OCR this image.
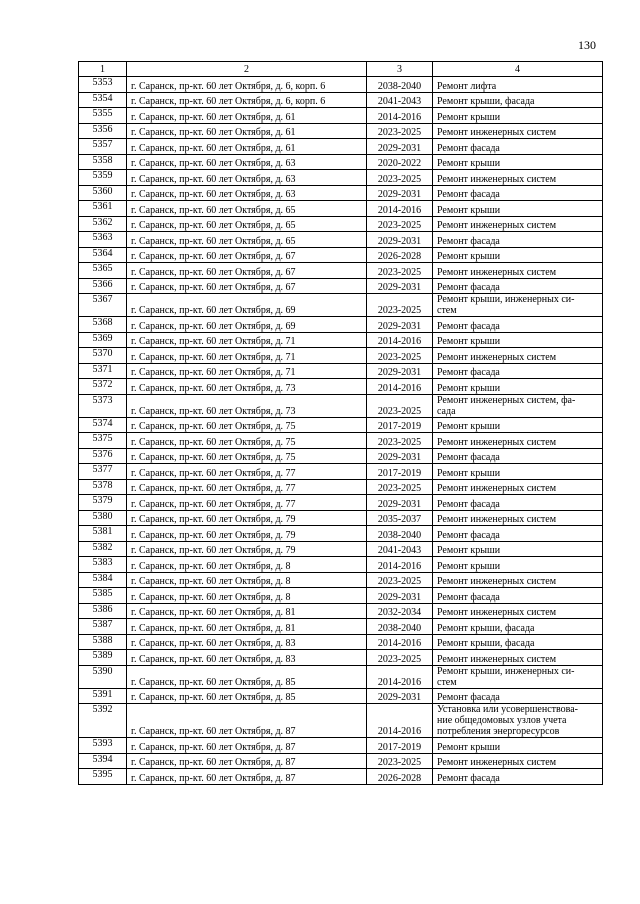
130
1	2	3	4
5353	г. Саранск, пр-кт. 60 лет Октября, д. 6, корп. 6	2038-2040	Ремонт лифта
5354	г. Саранск, пр-кт. 60 лет Октября, д. 6, корп. 6	2041-2043	Ремонт крыши, фасада
5355	г. Саранск, пр-кт. 60 лет Октября, д. 61	2014-2016	Ремонт крыши
5356	г. Саранск, пр-кт. 60 лет Октября, д. 61	2023-2025	Ремонт инженерных систем
5357	г. Саранск, пр-кт. 60 лет Октября, д. 61	2029-2031	Ремонт фасада
5358	г. Саранск, пр-кт. 60 лет Октября, д. 63	2020-2022	Ремонт крыши
5359	г. Саранск, пр-кт. 60 лет Октября, д. 63	2023-2025	Ремонт инженерных систем
5360	г. Саранск, пр-кт. 60 лет Октября, д. 63	2029-2031	Ремонт фасада
5361	г. Саранск, пр-кт. 60 лет Октября, д. 65	2014-2016	Ремонт крыши
5362	г. Саранск, пр-кт. 60 лет Октября, д. 65	2023-2025	Ремонт инженерных систем
5363	г. Саранск, пр-кт. 60 лет Октября, д. 65	2029-2031	Ремонт фасада
5364	г. Саранск, пр-кт. 60 лет Октября, д. 67	2026-2028	Ремонт крыши
5365	г. Саранск, пр-кт. 60 лет Октября, д. 67	2023-2025	Ремонт инженерных систем
5366	г. Саранск, пр-кт. 60 лет Октября, д. 67	2029-2031	Ремонт фасада
5367	г. Саранск, пр-кт. 60 лет Октября, д. 69	2023-2025	Ремонт крыши, инженерных си-
стем
5368	г. Саранск, пр-кт. 60 лет Октября, д. 69	2029-2031	Ремонт фасада
5369	г. Саранск, пр-кт. 60 лет Октября, д. 71	2014-2016	Ремонт крыши
5370	г. Саранск, пр-кт. 60 лет Октября, д. 71	2023-2025	Ремонт инженерных систем
5371	г. Саранск, пр-кт. 60 лет Октября, д. 71	2029-2031	Ремонт фасада
5372	г. Саранск, пр-кт. 60 лет Октября, д. 73	2014-2016	Ремонт крыши
5373	г. Саранск, пр-кт. 60 лет Октября, д. 73	2023-2025	Ремонт инженерных систем, фа-
сада
5374	г. Саранск, пр-кт. 60 лет Октября, д. 75	2017-2019	Ремонт крыши
5375	г. Саранск, пр-кт. 60 лет Октября, д. 75	2023-2025	Ремонт инженерных систем
5376	г. Саранск, пр-кт. 60 лет Октября, д. 75	2029-2031	Ремонт фасада
5377	г. Саранск, пр-кт. 60 лет Октября, д. 77	2017-2019	Ремонт крыши
5378	г. Саранск, пр-кт. 60 лет Октября, д. 77	2023-2025	Ремонт инженерных систем
5379	г. Саранск, пр-кт. 60 лет Октября, д. 77	2029-2031	Ремонт фасада
5380	г. Саранск, пр-кт. 60 лет Октября, д. 79	2035-2037	Ремонт инженерных систем
5381	г. Саранск, пр-кт. 60 лет Октября, д. 79	2038-2040	Ремонт фасада
5382	г. Саранск, пр-кт. 60 лет Октября, д. 79	2041-2043	Ремонт крыши
5383	г. Саранск, пр-кт. 60 лет Октября, д. 8	2014-2016	Ремонт крыши
5384	г. Саранск, пр-кт. 60 лет Октября, д. 8	2023-2025	Ремонт инженерных систем
5385	г. Саранск, пр-кт. 60 лет Октября, д. 8	2029-2031	Ремонт фасада
5386	г. Саранск, пр-кт. 60 лет Октября, д. 81	2032-2034	Ремонт инженерных систем
5387	г. Саранск, пр-кт. 60 лет Октября, д. 81	2038-2040	Ремонт крыши, фасада
5388	г. Саранск, пр-кт. 60 лет Октября, д. 83	2014-2016	Ремонт крыши, фасада
5389	г. Саранск, пр-кт. 60 лет Октября, д. 83	2023-2025	Ремонт инженерных систем
5390	г. Саранск, пр-кт. 60 лет Октября, д. 85	2014-2016	Ремонт крыши, инженерных си-
стем
5391	г. Саранск, пр-кт. 60 лет Октября, д. 85	2029-2031	Ремонт фасада
5392	г. Саранск, пр-кт. 60 лет Октября, д. 87	2014-2016	Установка или усовершенствова-
ние общедомовых узлов учета
потребления энергоресурсов
5393	г. Саранск, пр-кт. 60 лет Октября, д. 87	2017-2019	Ремонт крыши
5394	г. Саранск, пр-кт. 60 лет Октября, д. 87	2023-2025	Ремонт инженерных систем
5395	г. Саранск, пр-кт. 60 лет Октября, д. 87	2026-2028	Ремонт фасада
